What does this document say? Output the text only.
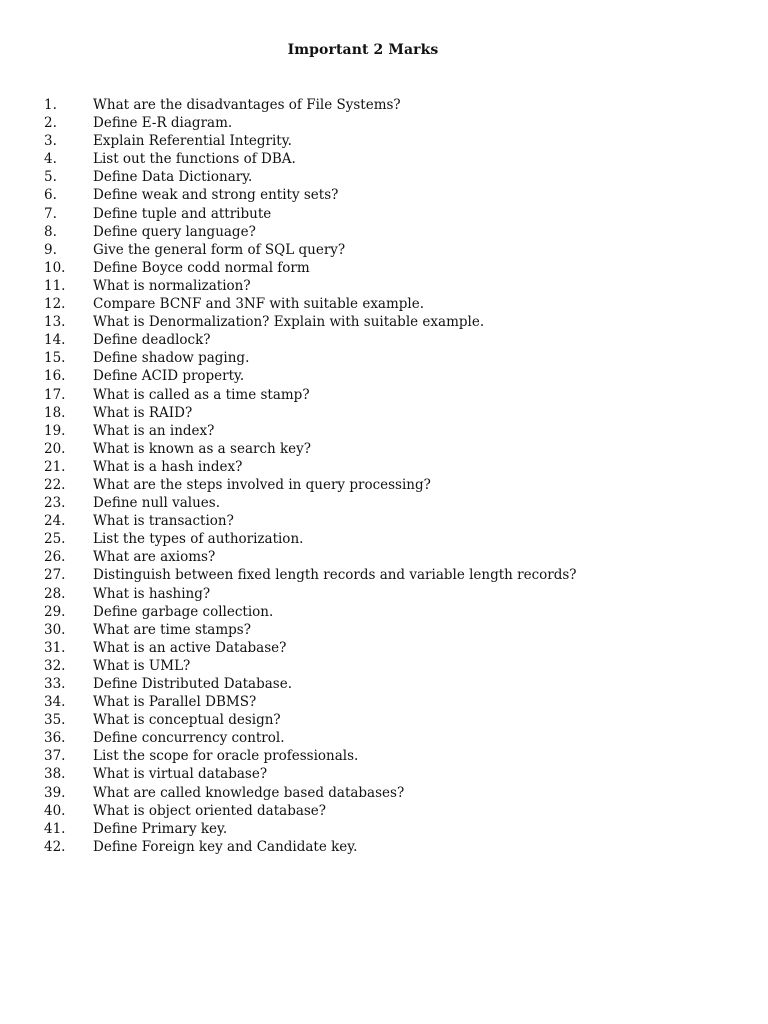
Important 2 Marks
1.	What are the disadvantages of File Systems?
2.	Define E-R diagram.
3.	Explain Referential Integrity.
4.	List out the functions of DBA.
5.	Define Data Dictionary.
6.	Define weak and strong entity sets?
7.	Define tuple and attribute
8.	Define query language?
9.	Give the general form of SQL query?
10.	Define Boyce codd normal form
11.	What is normalization?
12.	Compare BCNF and 3NF with suitable example.
13.	What is Denormalization? Explain with suitable example.
14.	Define deadlock?
15.	Define shadow paging.
16.	Define ACID property.
17.	What is called as a time stamp?
18.	What is RAID?
19.	What is an index?
20.	What is known as a search key?
21.	What is a hash index?
22.	What are the steps involved in query processing?
23.	Define null values.
24.	What is transaction?
25.	List the types of authorization.
26.	What are axioms?
27.	Distinguish between fixed length records and variable length records?
28.	What is hashing?
29.	Define garbage collection.
30.	What are time stamps?
31.	What is an active Database?
32.	What is UML?
33.	Define Distributed Database.
34.	What is Parallel DBMS?
35.	What is conceptual design?
36.	Define concurrency control.
37.	List the scope for oracle professionals.
38.	What is virtual database?
39.	What are called knowledge based databases?
40.	What is object oriented database?
41.	Define Primary key.
42.	Define Foreign key and Candidate key.
